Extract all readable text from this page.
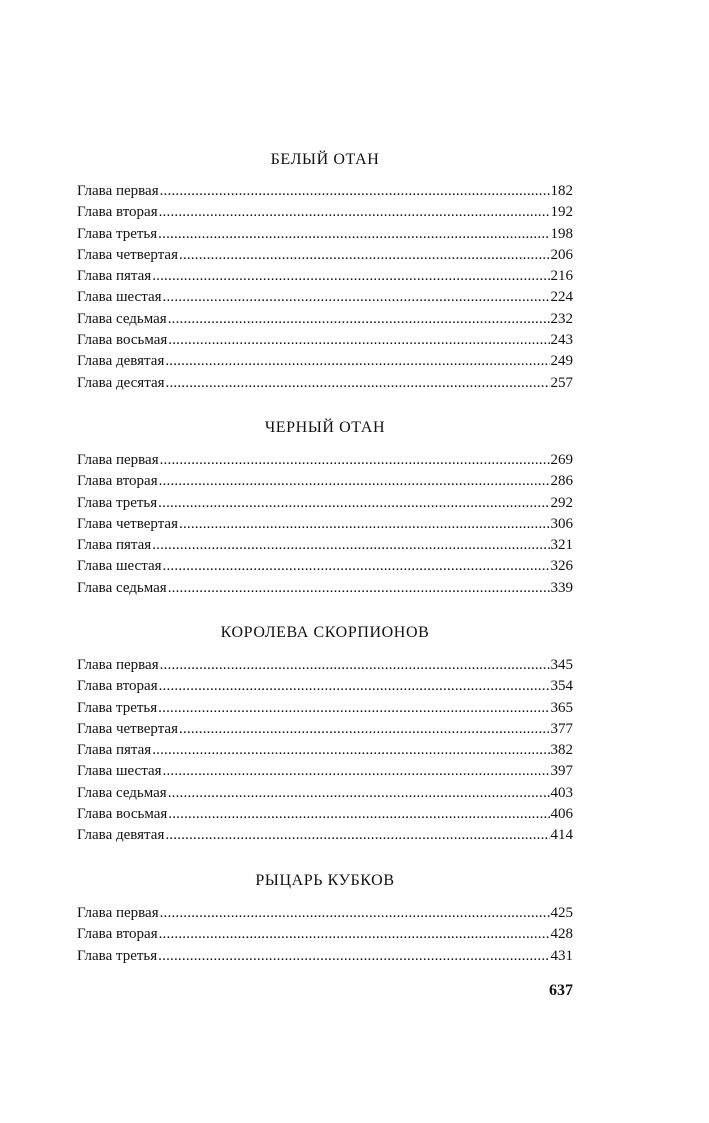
БЕЛЫЙ ОТАН
Глава первая .....	182
Глава вторая .....	192
Глава третья .....	198
Глава четвертая .....	206
Глава пятая .....	216
Глава шестая .....	224
Глава седьмая .....	232
Глава восьмая .....	243
Глава девятая .....	249
Глава десятая .....	257
ЧЕРНЫЙ ОТАН
Глава первая .....	269
Глава вторая .....	286
Глава третья .....	292
Глава четвертая .....	306
Глава пятая .....	321
Глава шестая .....	326
Глава седьмая .....	339
КОРОЛЕВА СКОРПИОНОВ
Глава первая .....	345
Глава вторая .....	354
Глава третья .....	365
Глава четвертая .....	377
Глава пятая .....	382
Глава шестая .....	397
Глава седьмая .....	403
Глава восьмая .....	406
Глава девятая .....	414
РЫЦАРЬ КУБКОВ
Глава первая .....	425
Глава вторая .....	428
Глава третья .....	431
637
